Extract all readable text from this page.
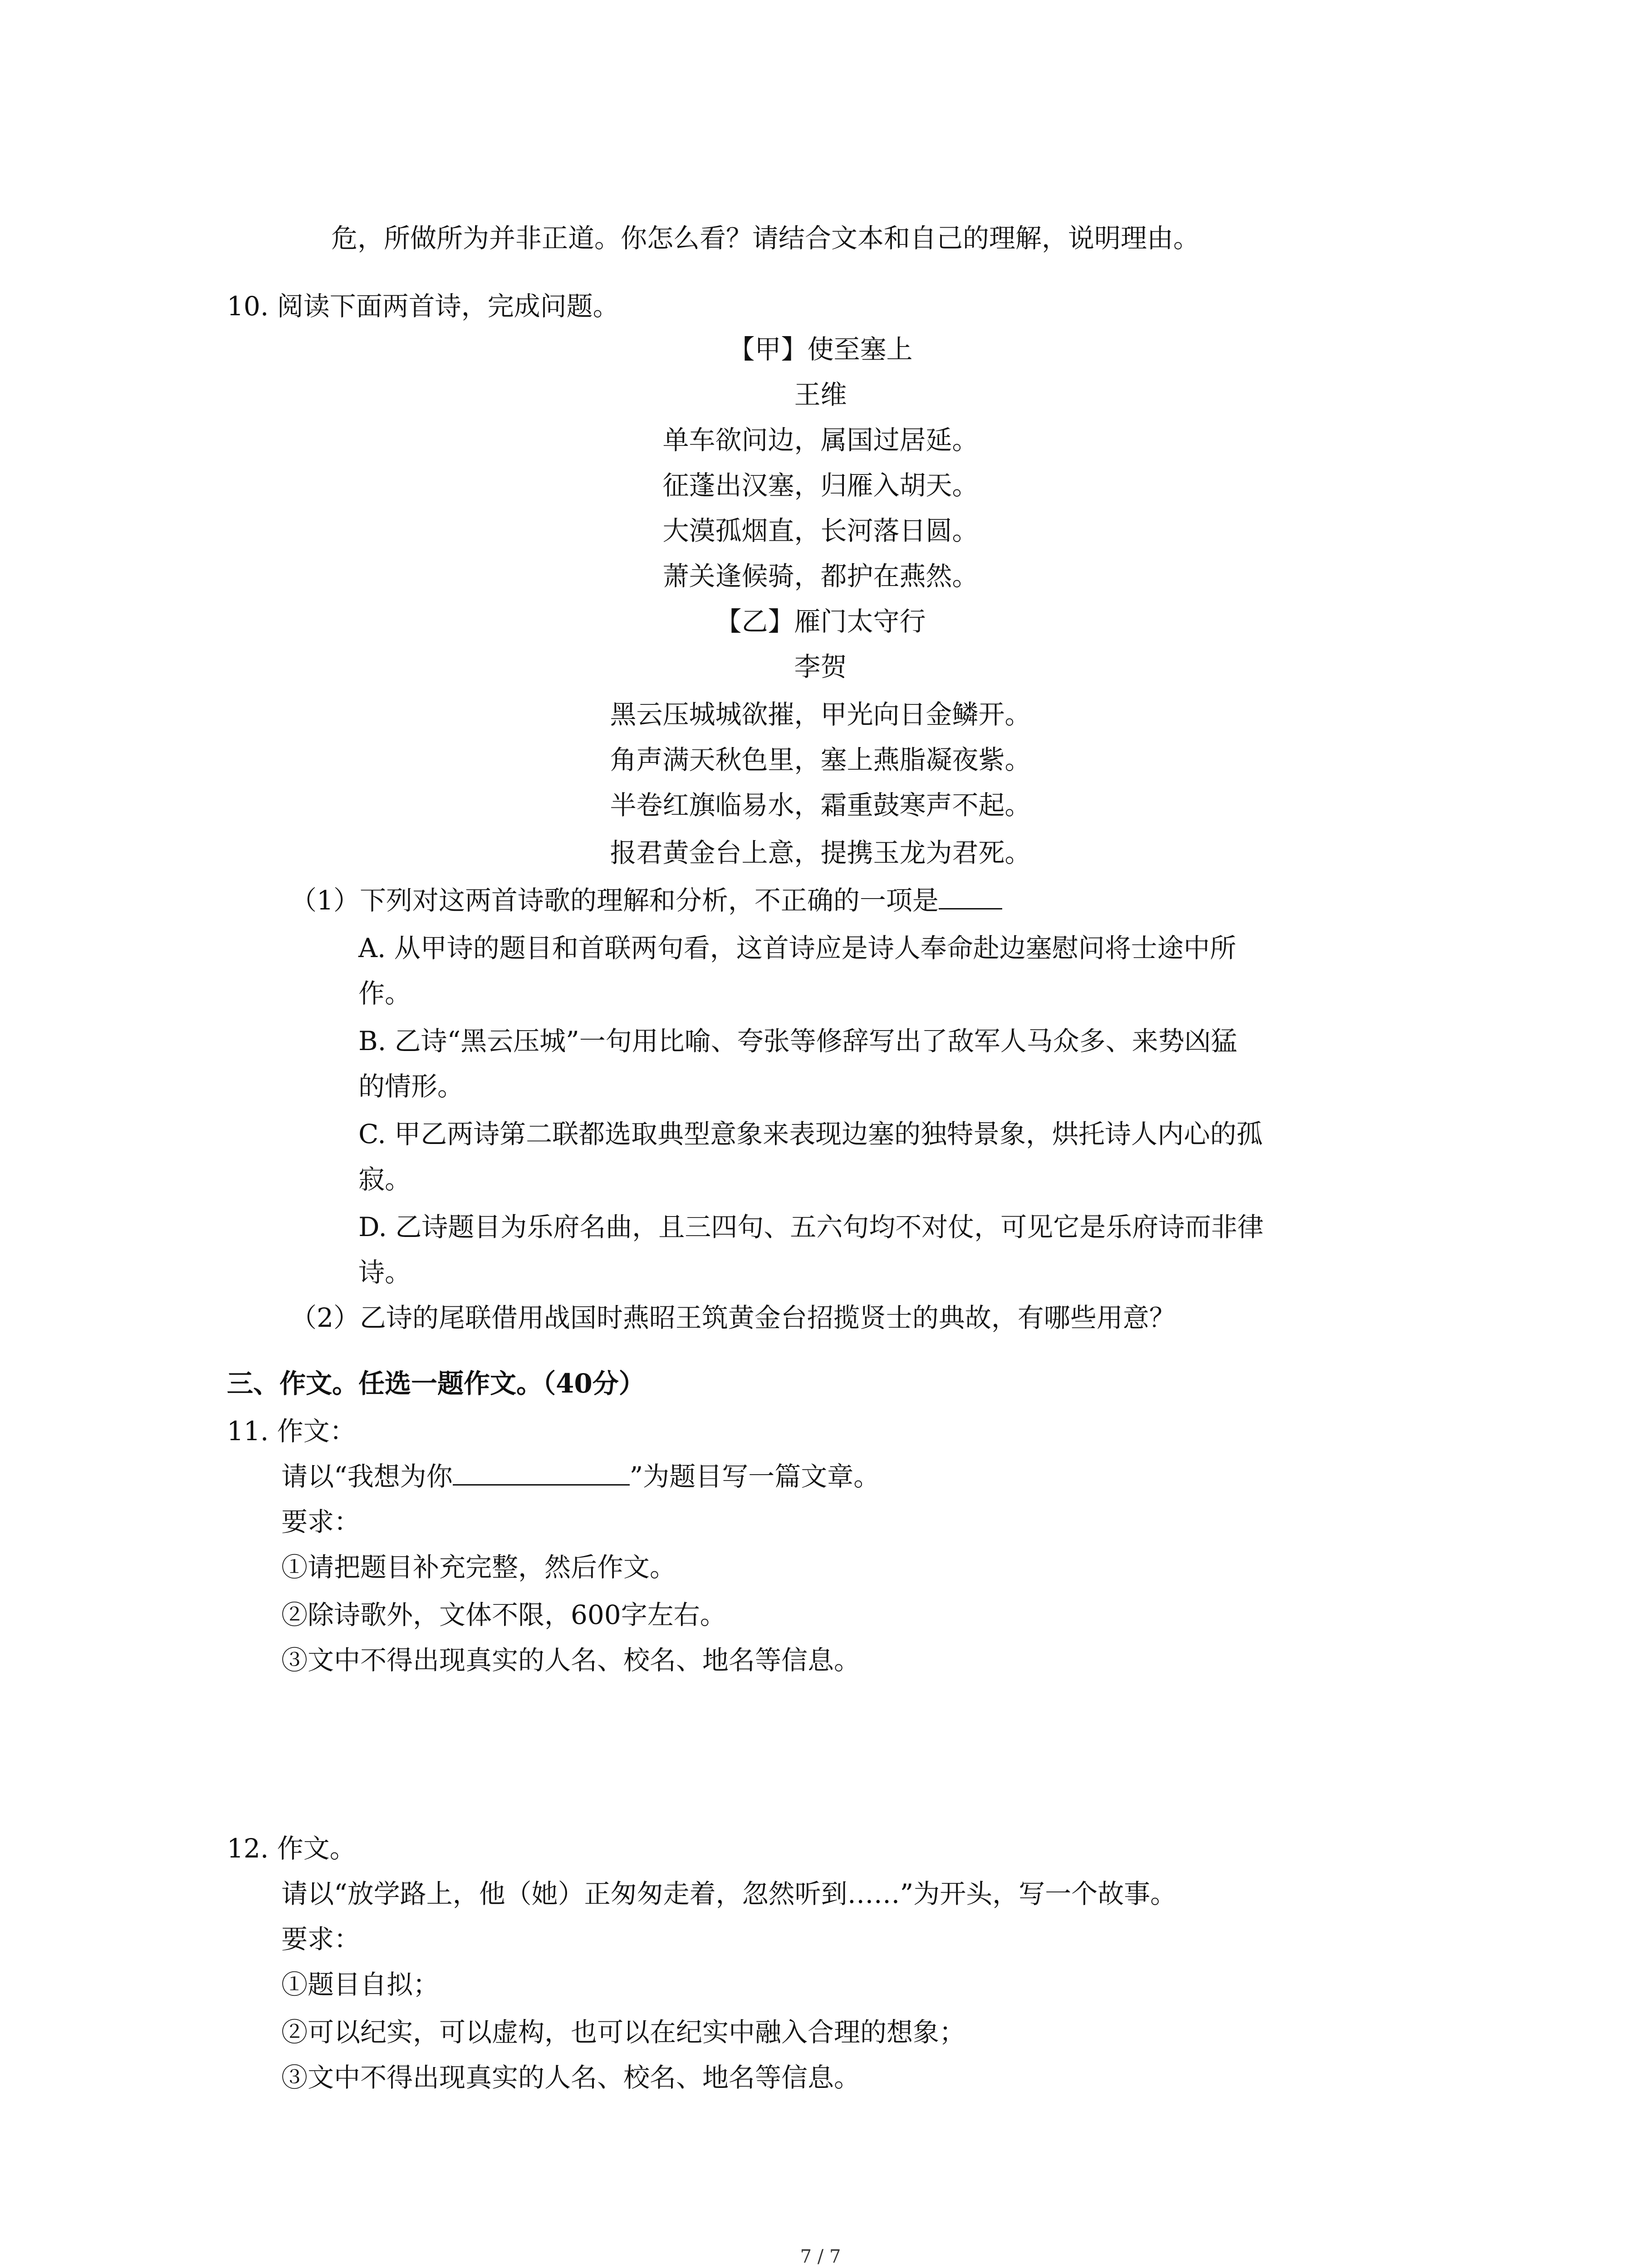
危，所做所为并非正道。你怎么看？请结合文本和自己的理解，说明理由。
10. 阅读下面两首诗，完成问题。
【甲】使至塞上
王维
单车欲问边，属国过居延。
征蓬出汉塞，归雁入胡天。
大漠孤烟直，长河落日圆。
萧关逢候骑，都护在燕然。
【乙】雁门太守行
李贺
黑云压城城欲摧，甲光向日金鳞开。
角声满天秋色里，塞上燕脂凝夜紫。
半卷红旗临易水，霜重鼓寒声不起。
报君黄金台上意，提携玉龙为君死。
（1）下列对这两首诗歌的理解和分析，不正确的一项是
A. 从甲诗的题目和首联两句看，这首诗应是诗人奉命赴边塞慰问将士途中所
作。
B. 乙诗“黑云压城”一句用比喻、夸张等修辞写出了敌军人马众多、来势凶猛
的情形。
C. 甲乙两诗第二联都选取典型意象来表现边塞的独特景象，烘托诗人内心的孤
寂。
D. 乙诗题目为乐府名曲，且三四句、五六句均不对仗，可见它是乐府诗而非律
诗。
（2）乙诗的尾联借用战国时燕昭王筑黄金台招揽贤士的典故，有哪些用意？
三、作文。任选一题作文。（40分）
11. 作文：
请以“我想为你	”为题目写一篇文章。
要求：
①请把题目补充完整，然后作文。
②除诗歌外，文体不限，600字左右。
③文中不得出现真实的人名、校名、地名等信息。
12. 作文。
请以“放学路上，他（她）正匆匆走着，忽然听到……”为开头，写一个故事。
要求：
①题目自拟；
②可以纪实，可以虚构，也可以在纪实中融入合理的想象；
③文中不得出现真实的人名、校名、地名等信息。
7 / 7
